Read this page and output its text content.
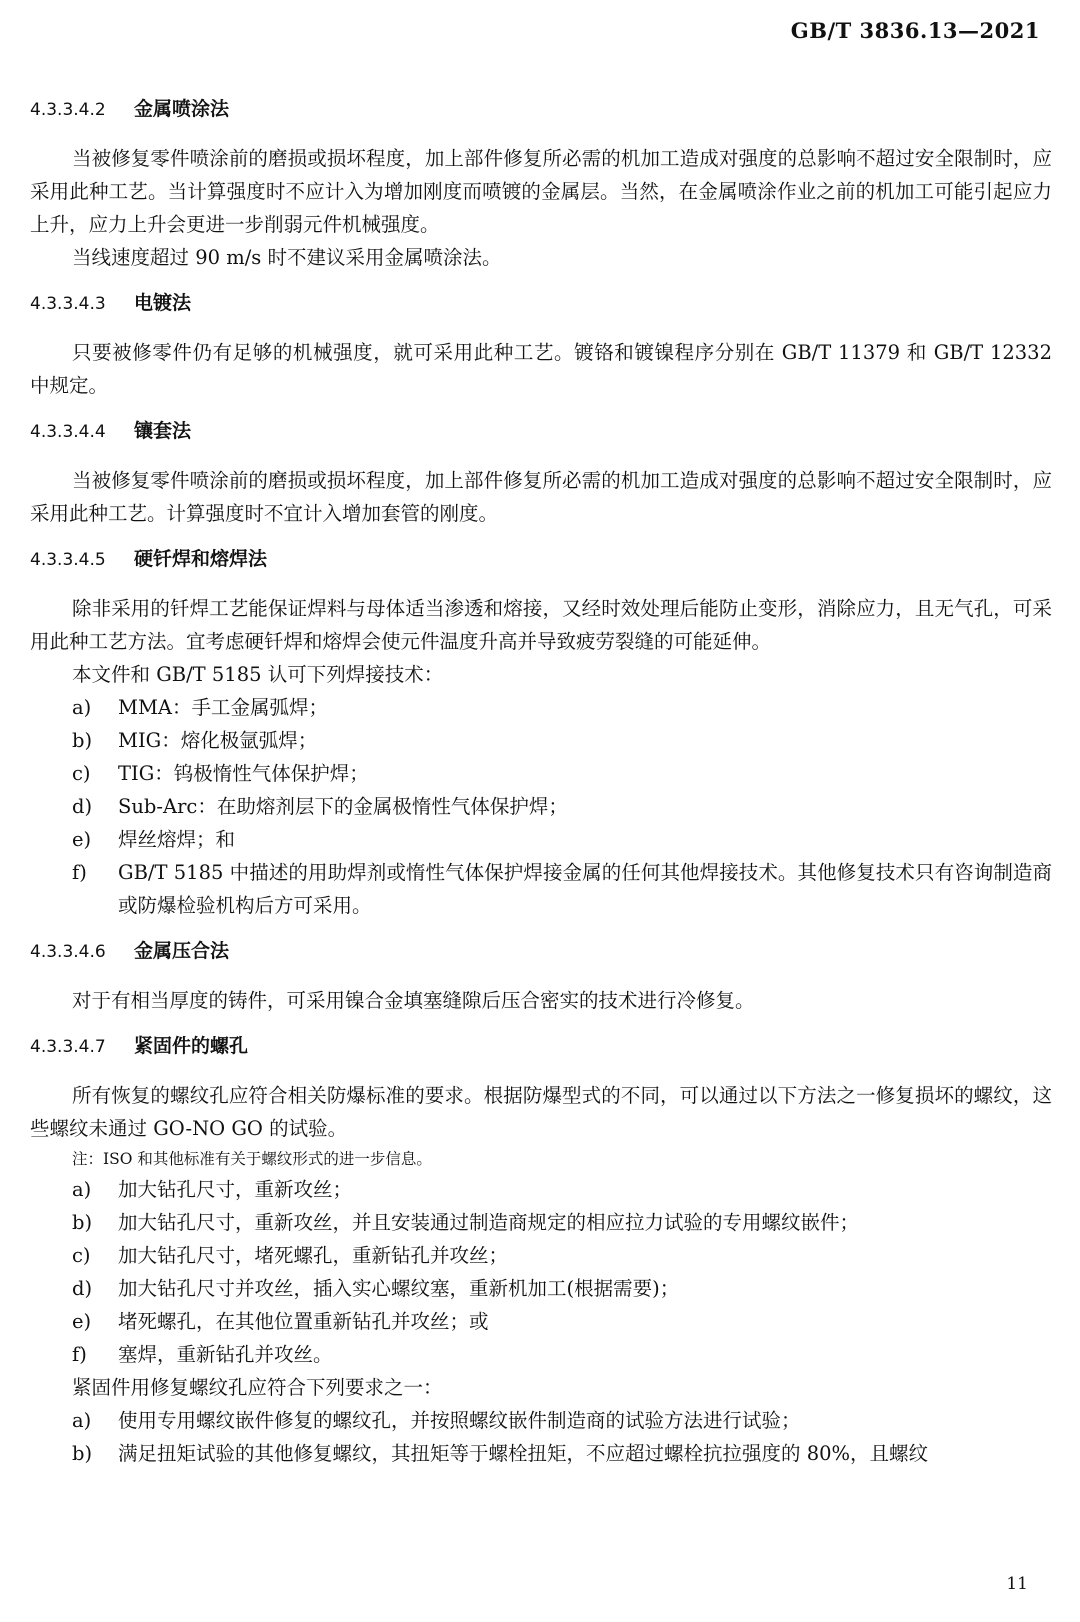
GB/T 3836.13—2021
4.3.3.4.2 金属喷涂法

当被修复零件喷涂前的磨损或损坏程度，加上部件修复所必需的机加工造成对强度的总影响不超过安全限制时，应采用此种工艺。当计算强度时不应计入为增加刚度而喷镀的金属层。当然，在金属喷涂作业之前的机加工可能引起应力上升，应力上升会更进一步削弱元件机械强度。

当线速度超过 90 m/s 时不建议采用金属喷涂法。

4.3.3.4.3 电镀法

只要被修零件仍有足够的机械强度，就可采用此种工艺。镀铬和镀镍程序分别在 GB/T 11379 和 GB/T 12332 中规定。

4.3.3.4.4 镶套法

当被修复零件喷涂前的磨损或损坏程度，加上部件修复所必需的机加工造成对强度的总影响不超过安全限制时，应采用此种工艺。计算强度时不宜计入增加套管的刚度。

4.3.3.4.5 硬钎焊和熔焊法

除非采用的钎焊工艺能保证焊料与母体适当渗透和熔接，又经时效处理后能防止变形，消除应力，且无气孔，可采用此种工艺方法。宜考虑硬钎焊和熔焊会使元件温度升高并导致疲劳裂缝的可能延伸。

本文件和 GB/T 5185 认可下列焊接技术：

a)	MMA：手工金属弧焊；
b)	MIG：熔化极氩弧焊；
c)	TIG：钨极惰性气体保护焊；
d)	Sub-Arc：在助熔剂层下的金属极惰性气体保护焊；
e)	焊丝熔焊；和
f)	GB/T 5185 中描述的用助焊剂或惰性气体保护焊接金属的任何其他焊接技术。其他修复技术只有咨询制造商或防爆检验机构后方可采用。
4.3.3.4.6 金属压合法

对于有相当厚度的铸件，可采用镍合金填塞缝隙后压合密实的技术进行冷修复。

4.3.3.4.7 紧固件的螺孔

所有恢复的螺纹孔应符合相关防爆标准的要求。根据防爆型式的不同，可以通过以下方法之一修复损坏的螺纹，这些螺纹未通过 GO-NO GO 的试验。

注：ISO 和其他标准有关于螺纹形式的进一步信息。
a)	加大钻孔尺寸，重新攻丝；
b)	加大钻孔尺寸，重新攻丝，并且安装通过制造商规定的相应拉力试验的专用螺纹嵌件；
c)	加大钻孔尺寸，堵死螺孔，重新钻孔并攻丝；
d)	加大钻孔尺寸并攻丝，插入实心螺纹塞，重新机加工(根据需要)；
e)	堵死螺孔，在其他位置重新钻孔并攻丝；或
f)	塞焊，重新钻孔并攻丝。

紧固件用修复螺纹孔应符合下列要求之一：

a)	使用专用螺纹嵌件修复的螺纹孔，并按照螺纹嵌件制造商的试验方法进行试验；
b)	满足扭矩试验的其他修复螺纹，其扭矩等于螺栓扭矩，不应超过螺栓抗拉强度的 80%，且螺纹
11
